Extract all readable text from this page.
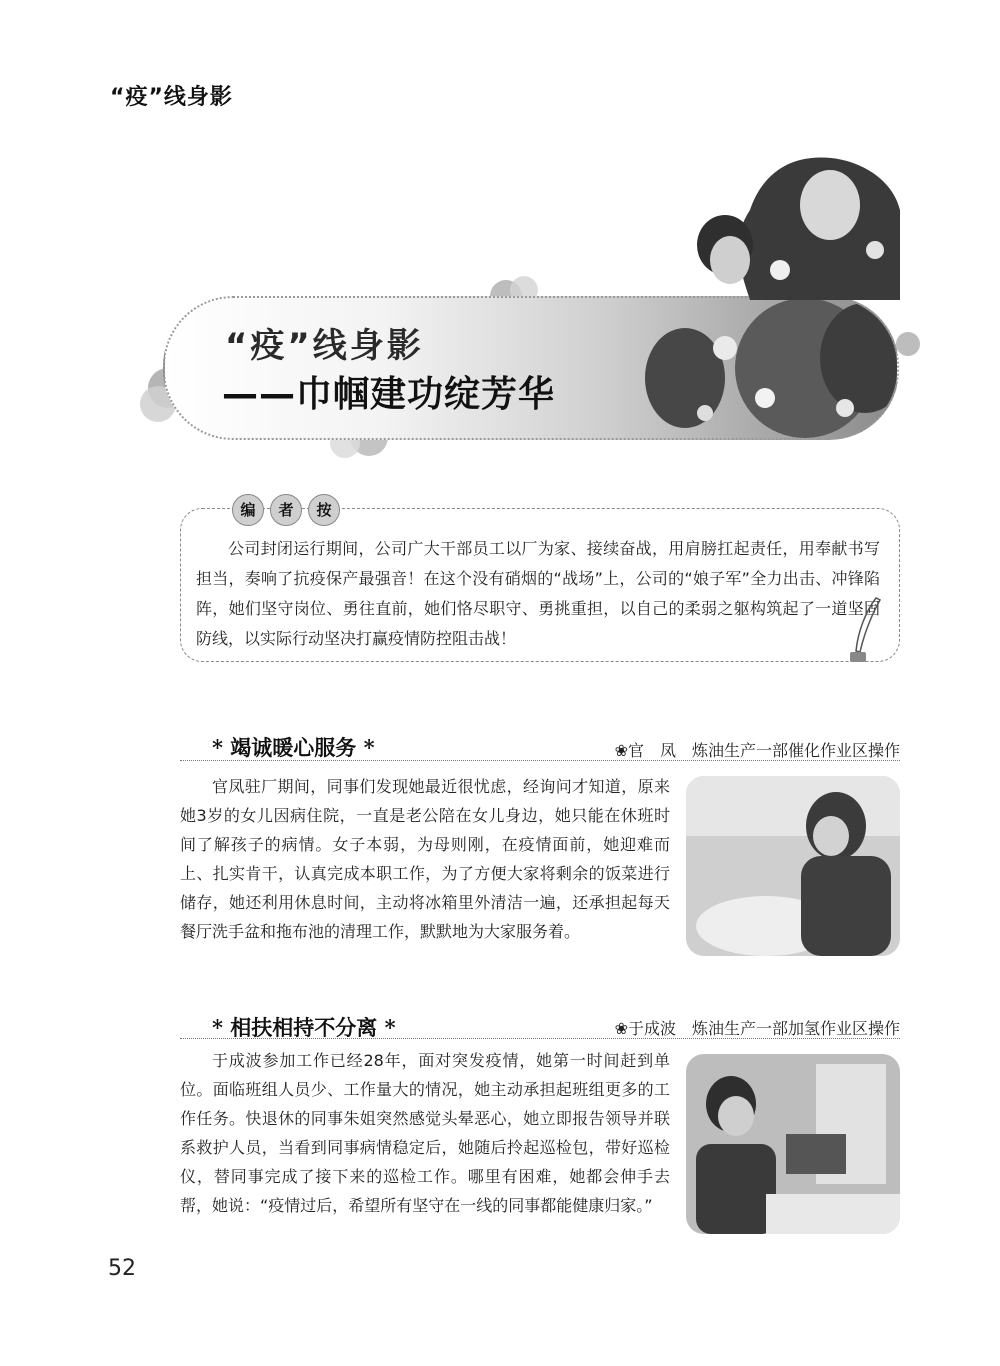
“疫”线身影
“疫”线身影
——巾帼建功绽芳华
编	者	按
公司封闭运行期间，公司广大干部员工以厂为家、接续奋战，用肩膀扛起责任，用奉献书写担当，奏响了抗疫保产最强音！在这个没有硝烟的“战场”上，公司的“娘子军”全力出击、冲锋陷阵，她们坚守岗位、勇往直前，她们恪尽职守、勇挑重担，以自己的柔弱之躯构筑起了一道坚固防线，以实际行动坚决打赢疫情防控阻击战！
* 竭诚暖心服务 *	❀官　凤　炼油生产一部催化作业区操作
官凤驻厂期间，同事们发现她最近很忧虑，经询问才知道，原来她3岁的女儿因病住院，一直是老公陪在女儿身边，她只能在休班时间了解孩子的病情。女子本弱，为母则刚，在疫情面前，她迎难而上、扎实肯干，认真完成本职工作，为了方便大家将剩余的饭菜进行储存，她还利用休息时间，主动将冰箱里外清洁一遍，还承担起每天餐厅洗手盆和拖布池的清理工作，默默地为大家服务着。
* 相扶相持不分离 *	❀于成波　炼油生产一部加氢作业区操作
于成波参加工作已经28年，面对突发疫情，她第一时间赶到单位。面临班组人员少、工作量大的情况，她主动承担起班组更多的工作任务。快退休的同事朱姐突然感觉头晕恶心，她立即报告领导并联系救护人员，当看到同事病情稳定后，她随后拎起巡检包，带好巡检仪，替同事完成了接下来的巡检工作。哪里有困难，她都会伸手去帮，她说：“疫情过后，希望所有坚守在一线的同事都能健康归家。”
52
